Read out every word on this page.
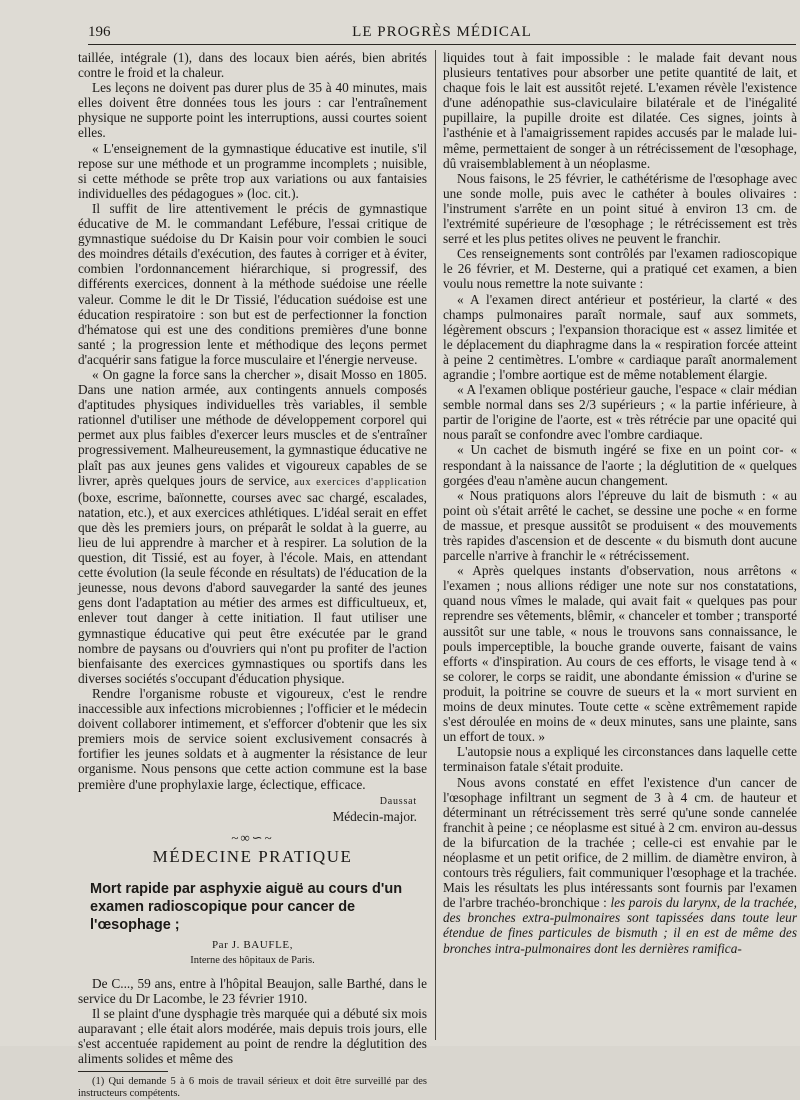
196	LE PROGRÈS MÉDICAL

taillée, intégrale (1), dans des locaux bien aérés, bien abrités contre le froid et la chaleur.

Les leçons ne doivent pas durer plus de 35 à 40 minutes, mais elles doivent être données tous les jours : car l'entraînement physique ne supporte point les interruptions, aussi courtes soient elles.

« L'enseignement de la gymnastique éducative est inutile, s'il repose sur une méthode et un programme incomplets ; nuisible, si cette méthode se prête trop aux variations ou aux fantaisies individuelles des pédagogues » (loc. cit.).

Il suffit de lire attentivement le précis de gymnastique éducative de M. le commandant Lefébure, l'essai critique de gymnastique suédoise du Dr Kaisin pour voir combien le souci des moindres détails d'exécution, des fautes à corriger et à éviter, combien l'ordonnancement hiérarchique, si progressif, des différents exercices, donnent à la méthode suédoise une réelle valeur. Comme le dit le Dr Tissié, l'éducation suédoise est une éducation respiratoire : son but est de perfectionner la fonction d'hématose qui est une des conditions premières d'une bonne santé ; la progression lente et méthodique des leçons permet d'acquérir sans fatigue la force musculaire et l'énergie nerveuse.

« On gagne la force sans la chercher », disait Mosso en 1805. Dans une nation armée, aux contingents annuels composés d'aptitudes physiques individuelles très variables, il semble rationnel d'utiliser une méthode de développement corporel qui permet aux plus faibles d'exercer leurs muscles et de s'entraîner progressivement. Malheureusement, la gymnastique éducative ne plaît pas aux jeunes gens valides et vigoureux capables de se livrer, après quelques jours de service, aux exercices d'application (boxe, escrime, baïonnette, courses avec sac chargé, escalades, natation, etc.), et aux exercices athlétiques. L'idéal serait en effet que dès les premiers jours, on préparât le soldat à la guerre, au lieu de lui apprendre à marcher et à respirer. La solution de la question, dit Tissié, est au foyer, à l'école. Mais, en attendant cette évolution (la seule féconde en résultats) de l'éducation de la jeunesse, nous devons d'abord sauvegarder la santé des jeunes gens dont l'adaptation au métier des armes est difficultueux, et, enlever tout danger à cette initiation. Il faut utiliser une gymnastique éducative qui peut être exécutée par le grand nombre de paysans ou d'ouvriers qui n'ont pu profiter de l'action bienfaisante des exercices gymnastiques ou sportifs dans les diverses sociétés s'occupant d'éducation physique.

Rendre l'organisme robuste et vigoureux, c'est le rendre inaccessible aux infections microbiennes ; l'officier et le médecin doivent collaborer intimement, et s'efforcer d'obtenir que les six premiers mois de service soient exclusivement consacrés à fortifier les jeunes soldats et à augmenter la résistance de leur organisme. Nous pensons que cette action commune est la base première d'une prophylaxie large, éclectique, efficace.

Daussat
Médecin-major.
~∞∽~
MÉDECINE PRATIQUE
Mort rapide par asphyxie aiguë au cours d'un examen radioscopique pour cancer de l'œsophage ;
Par J. BAUFLE,
Interne des hôpitaux de Paris.

De C..., 59 ans, entre à l'hôpital Beaujon, salle Barthé, dans le service du Dr Lacombe, le 23 février 1910.

Il se plaint d'une dysphagie très marquée qui a débuté six mois auparavant ; elle était alors modérée, mais depuis trois jours, elle s'est accentuée rapidement au point de rendre la déglutition des aliments solides et même des

(1) Qui demande 5 à 6 mois de travail sérieux et doit être surveillé par des instructeurs compétents.

liquides tout à fait impossible : le malade fait devant nous plusieurs tentatives pour absorber une petite quantité de lait, et chaque fois le lait est aussitôt rejeté. L'examen révèle l'existence d'une adénopathie sus-claviculaire bilatérale et de l'inégalité pupillaire, la pupille droite est dilatée. Ces signes, joints à l'asthénie et à l'amaigrissement rapides accusés par le malade lui-même, permettaient de songer à un rétrécissement de l'œsophage, dû vraisemblablement à un néoplasme.

Nous faisons, le 25 février, le cathétérisme de l'œsophage avec une sonde molle, puis avec le cathéter à boules olivaires : l'instrument s'arrête en un point situé à environ 13 cm. de l'extrémité supérieure de l'œsophage ; le rétrécissement est très serré et les plus petites olives ne peuvent le franchir.

Ces renseignements sont contrôlés par l'examen radioscopique le 26 février, et M. Desterne, qui a pratiqué cet examen, a bien voulu nous remettre la note suivante :

« A l'examen direct antérieur et postérieur, la clarté « des champs pulmonaires paraît normale, sauf aux sommets, légèrement obscurs ; l'expansion thoracique est « assez limitée et le déplacement du diaphragme dans la « respiration forcée atteint à peine 2 centimètres. L'ombre « cardiaque paraît anormalement agrandie ; l'ombre aortique est de même notablement élargie.

« A l'examen oblique postérieur gauche, l'espace « clair médian semble normal dans ses 2/3 supérieurs ; « la partie inférieure, à partir de l'origine de l'aorte, est « très rétrécie par une opacité qui nous paraît se confondre avec l'ombre cardiaque.

« Un cachet de bismuth ingéré se fixe en un point cor- « respondant à la naissance de l'aorte ; la déglutition de « quelques gorgées d'eau n'amène aucun changement.

« Nous pratiquons alors l'épreuve du lait de bismuth : « au point où s'était arrêté le cachet, se dessine une poche « en forme de massue, et presque aussitôt se produisent « des mouvements très rapides d'ascension et de descente « du bismuth dont aucune parcelle n'arrive à franchir le « rétrécissement.

« Après quelques instants d'observation, nous arrêtons « l'examen ; nous allions rédiger une note sur nos constatations, quand nous vîmes le malade, qui avait fait « quelques pas pour reprendre ses vêtements, blêmir, « chanceler et tomber ; transporté aussitôt sur une table, « nous le trouvons sans connaissance, le pouls imperceptible, la bouche grande ouverte, faisant de vains efforts « d'inspiration. Au cours de ces efforts, le visage tend à « se colorer, le corps se raidit, une abondante émission « d'urine se produit, la poitrine se couvre de sueurs et la « mort survient en moins de deux minutes. Toute cette « scène extrêmement rapide s'est déroulée en moins de « deux minutes, sans une plainte, sans un effort de toux. »

L'autopsie nous a expliqué les circonstances dans laquelle cette terminaison fatale s'était produite.

Nous avons constaté en effet l'existence d'un cancer de l'œsophage infiltrant un segment de 3 à 4 cm. de hauteur et déterminant un rétrécissement très serré qu'une sonde cannelée franchit à peine ; ce néoplasme est situé à 2 cm. environ au-dessus de la bifurcation de la trachée ; celle-ci est envahie par le néoplasme et un petit orifice, de 2 millim. de diamètre environ, à contours très réguliers, fait communiquer l'œsophage et la trachée. Mais les résultats les plus intéressants sont fournis par l'examen de l'arbre trachéo-bronchique : les parois du larynx, de la trachée, des bronches extra-pulmonaires sont tapissées dans toute leur étendue de fines particules de bismuth ; il en est de même des bronches intra-pulmonaires dont les dernières ramifica-
